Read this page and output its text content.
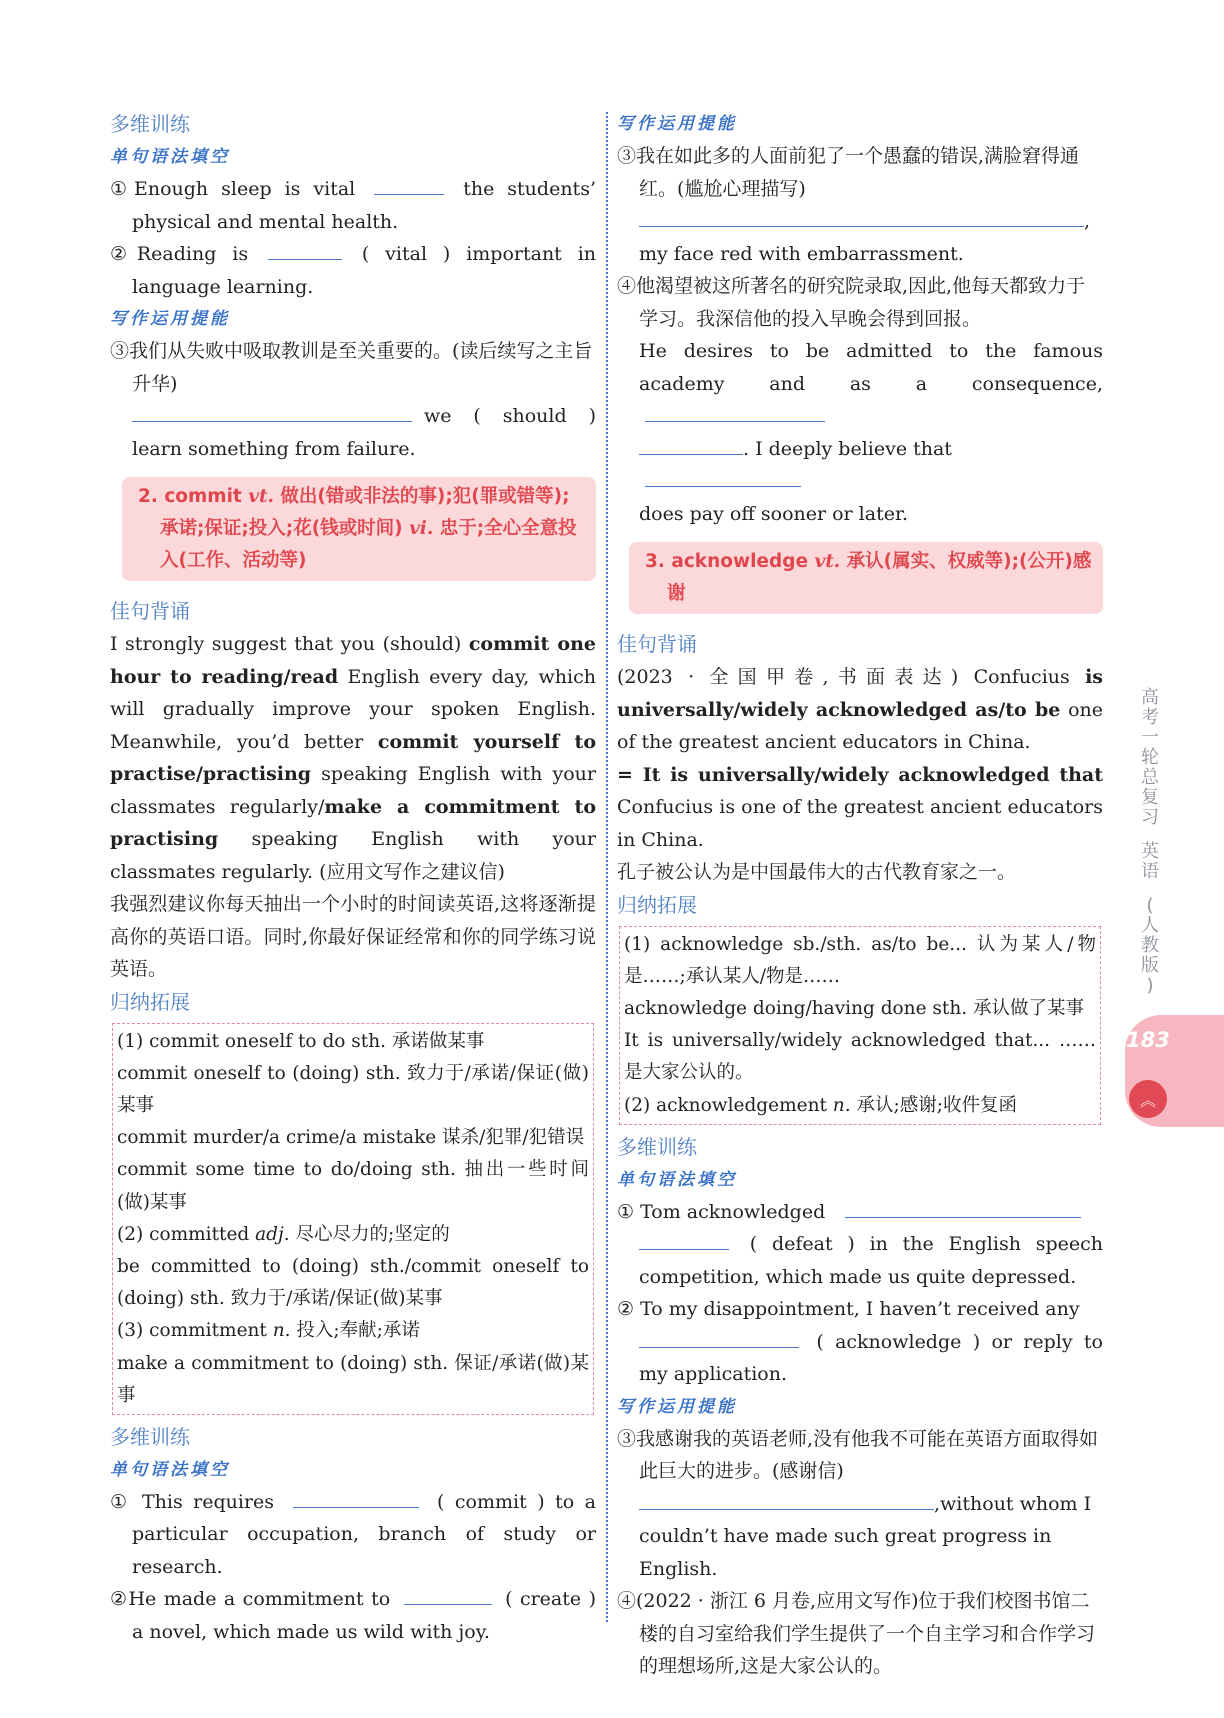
多维训练
单句语法填空

①Enough sleep is vital	the students’ physical and mental health.

②Reading is	( vital ) important in language learning.

写作运用提能

③我们从失败中吸取教训是至关重要的。(读后续写之主旨升华)

we ( should ) learn something from failure.

2. commit vt. 做出(错或非法的事);犯(罪或错等);承诺;保证;投入;花(钱或时间) vi. 忠于;全心全意投入(工作、活动等)
佳句背诵

I strongly suggest that you (should) commit one hour to reading/read English every day, which will gradually improve your spoken English. Meanwhile, you’d better commit yourself to practise/practising speaking English with your classmates regularly/make a commitment to practising speaking English with your classmates regularly. (应用文写作之建议信)

我强烈建议你每天抽出一个小时的时间读英语,这将逐渐提高你的英语口语。同时,你最好保证经常和你的同学练习说英语。

归纳拓展

(1) commit oneself to do sth. 承诺做某事

commit oneself to (doing) sth. 致力于/承诺/保证(做)某事

commit murder/a crime/a mistake 谋杀/犯罪/犯错误

commit some time to do/doing sth. 抽出一些时间(做)某事

(2) committed adj. 尽心尽力的;坚定的

be committed to (doing) sth./commit oneself to (doing) sth. 致力于/承诺/保证(做)某事

(3) commitment n. 投入;奉献;承诺

make a commitment to (doing) sth. 保证/承诺(做)某事

多维训练
单句语法填空

① This requires	( commit ) to a particular occupation, branch of study or research.

②He made a commitment to	( create ) a novel, which made us wild with joy.

写作运用提能

③我在如此多的人面前犯了一个愚蠢的错误,满脸窘得通红。(尴尬心理描写)

,

my face red with embarrassment.

④他渴望被这所著名的研究院录取,因此,他每天都致力于学习。我深信他的投入早晚会得到回报。

He desires to be admitted to the famous academy and as a consequence,

. I deeply believe that

does pay off sooner or later.

3. acknowledge vt. 承认(属实、权威等);(公开)感谢
佳句背诵

(2023 · 全国甲卷,书面表达) Confucius is universally/widely acknowledged as/to be one of the greatest ancient educators in China.

= It is universally/widely acknowledged that Confucius is one of the greatest ancient educators in China.

孔子被公认为是中国最伟大的古代教育家之一。

归纳拓展

(1) acknowledge sb./sth. as/to be... 认为某人/物是……;承认某人/物是……

acknowledge doing/having done sth. 承认做了某事

It is universally/widely acknowledged that... ……是大家公认的。

(2) acknowledgement n. 承认;感谢;收件复函

多维训练
单句语法填空

① Tom acknowledged
( defeat ) in the English speech competition, which made us quite depressed.

② To my disappointment, I haven’t received any
( acknowledge ) or reply to my application.

写作运用提能

③我感谢我的英语老师,没有他我不可能在英语方面取得如此巨大的进步。(感谢信)

,without whom I

couldn’t have made such great progress in English.

④(2022 · 浙江 6 月卷,应用文写作)位于我们校图书馆二楼的自习室给我们学生提供了一个自主学习和合作学习的理想场所,这是大家公认的。

高
考
一
轮
总
复
习
英
语
(
人
教
版
)
183
︽
